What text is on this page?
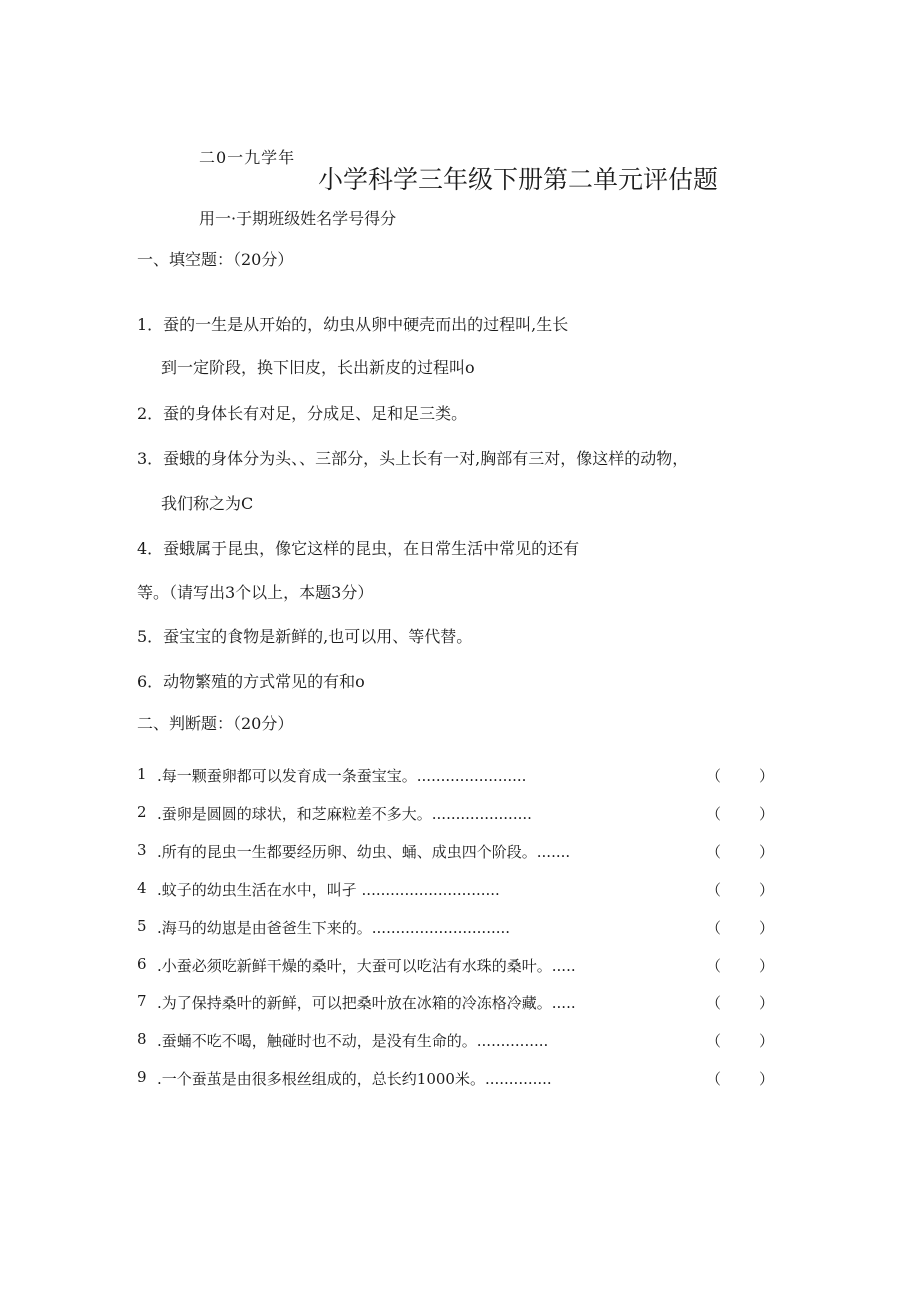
二0一九学年
小学科学三年级下册第二单元评估题
用一·于期班级姓名学号得分
一、填空题：（20分）
1．蚕的一生是从开始的，幼虫从卵中硬壳而出的过程叫,生长
到一定阶段，换下旧皮，长出新皮的过程叫o
2．蚕的身体长有对足，分成足、足和足三类。
3．蚕蛾的身体分为头、、三部分，头上长有一对,胸部有三对，像这样的动物，
我们称之为C
4．蚕蛾属于昆虫，像它这样的昆虫，在日常生活中常见的还有
等。（请写出3个以上，本题3分）
5．蚕宝宝的食物是新鲜的,也可以用、等代替。
6．动物繁殖的方式常见的有和o
二、判断题：（20分）
1 .每一颗蚕卵都可以发育成一条蚕宝宝。.......................	（	）
2 .蚕卵是圆圆的球状，和芝麻粒差不多大。.....................	（	）
3 .所有的昆虫一生都要经历卵、幼虫、蛹、成虫四个阶段。.......	（	）
4 .蚊子的幼虫生活在水中，叫孑 .............................	（	）
5 .海马的幼崽是由爸爸生下来的。.............................	（	）
6 .小蚕必须吃新鲜干燥的桑叶，大蚕可以吃沾有水珠的桑叶。.....	（	）
7 .为了保持桑叶的新鲜，可以把桑叶放在冰箱的冷冻格冷藏。.....	（	）
8 .蚕蛹不吃不喝，触碰时也不动，是没有生命的。...............	（	）
9 .一个蚕茧是由很多根丝组成的，总长约1000米。..............	（	）
